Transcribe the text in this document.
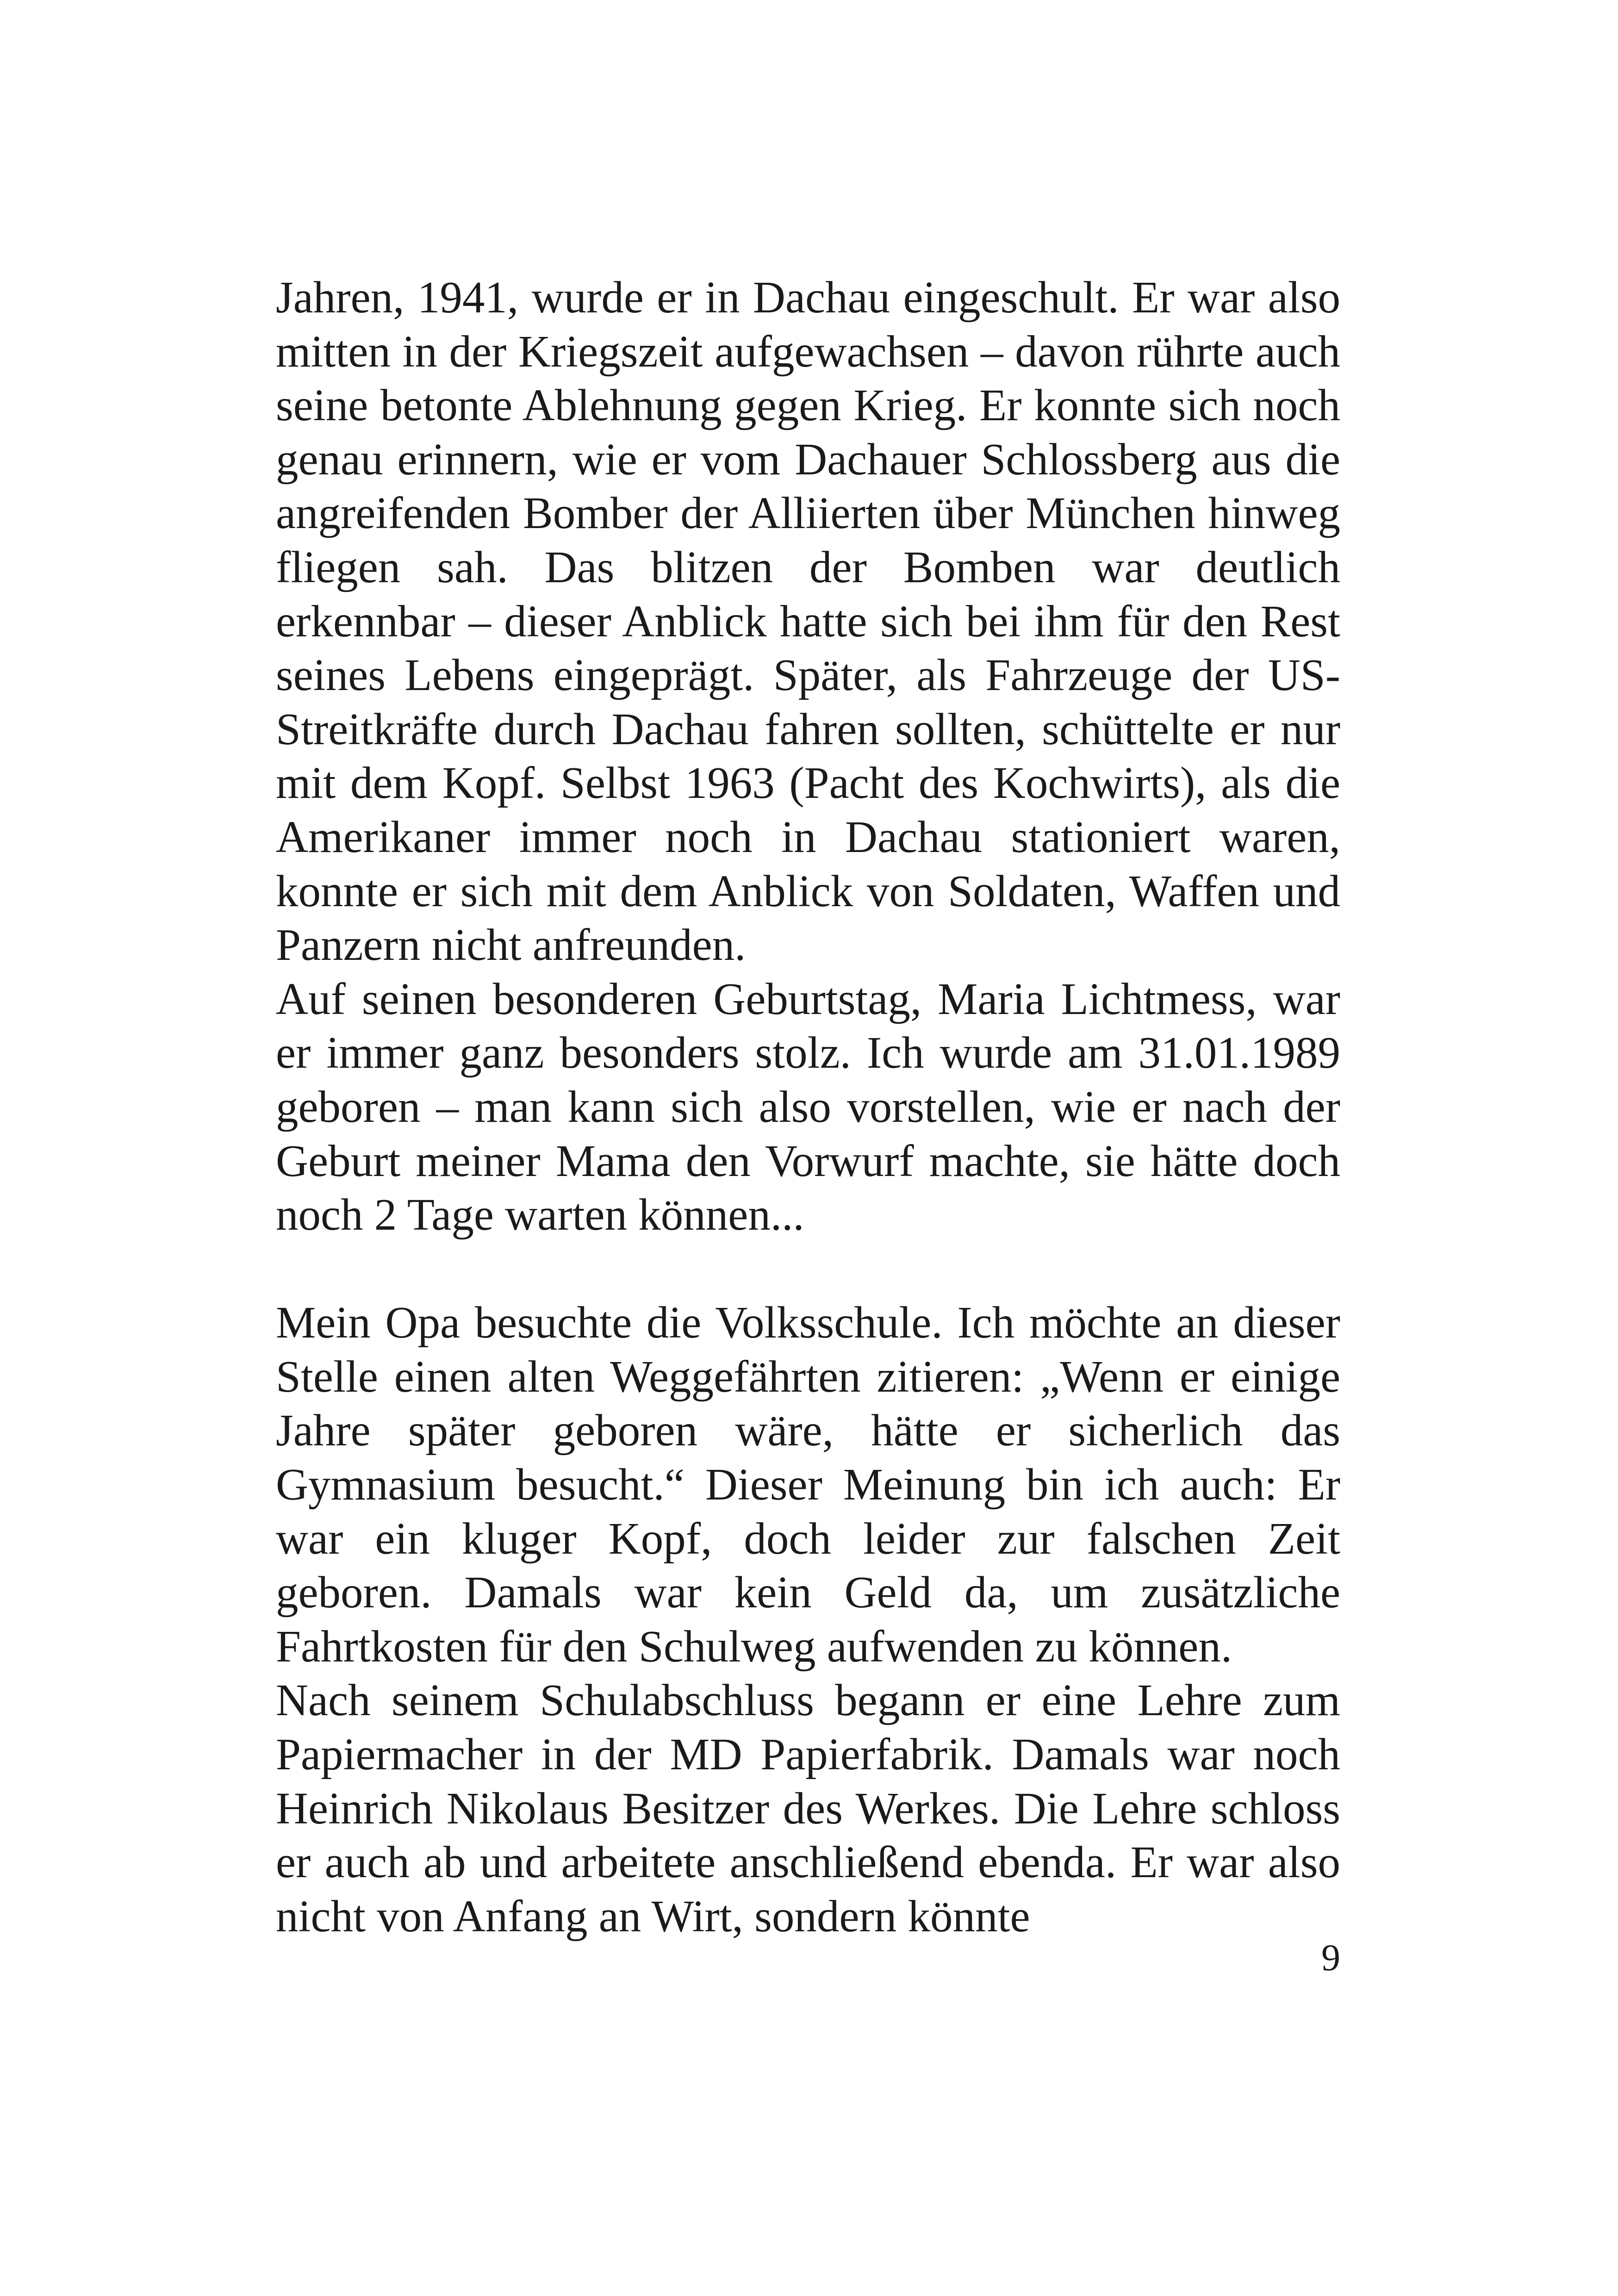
Jahren, 1941, wurde er in Dachau eingeschult. Er war also mitten in der Kriegszeit aufgewachsen – davon rührte auch seine betonte Ablehnung gegen Krieg. Er konnte sich noch genau erinnern, wie er vom Dachauer Schlossberg aus die angreifenden Bomber der Alliierten über München hinweg fliegen sah. Das blitzen der Bomben war deutlich erkennbar – dieser Anblick hatte sich bei ihm für den Rest seines Lebens eingeprägt. Später, als Fahrzeuge der US-Streitkräfte durch Dachau fahren sollten, schüttelte er nur mit dem Kopf. Selbst 1963 (Pacht des Kochwirts), als die Amerikaner immer noch in Dachau stationiert waren, konnte er sich mit dem Anblick von Soldaten, Waffen und Panzern nicht anfreunden.

Auf seinen besonderen Geburtstag, Maria Lichtmess, war er immer ganz besonders stolz. Ich wurde am 31.01.1989 geboren – man kann sich also vorstellen, wie er nach der Geburt meiner Mama den Vorwurf machte, sie hätte doch noch 2 Tage warten können...

Mein Opa besuchte die Volksschule. Ich möchte an dieser Stelle einen alten Weggefährten zitieren: „Wenn er einige Jahre später geboren wäre, hätte er sicherlich das Gymnasium besucht.“ Dieser Meinung bin ich auch: Er war ein kluger Kopf, doch leider zur falschen Zeit geboren. Damals war kein Geld da, um zusätzliche Fahrtkosten für den Schulweg aufwenden zu können.

Nach seinem Schulabschluss begann er eine Lehre zum Papiermacher in der MD Papierfabrik. Damals war noch Heinrich Nikolaus Besitzer des Werkes. Die Lehre schloss er auch ab und arbeitete anschließend ebenda. Er war also nicht von Anfang an Wirt, sondern könnte

9
